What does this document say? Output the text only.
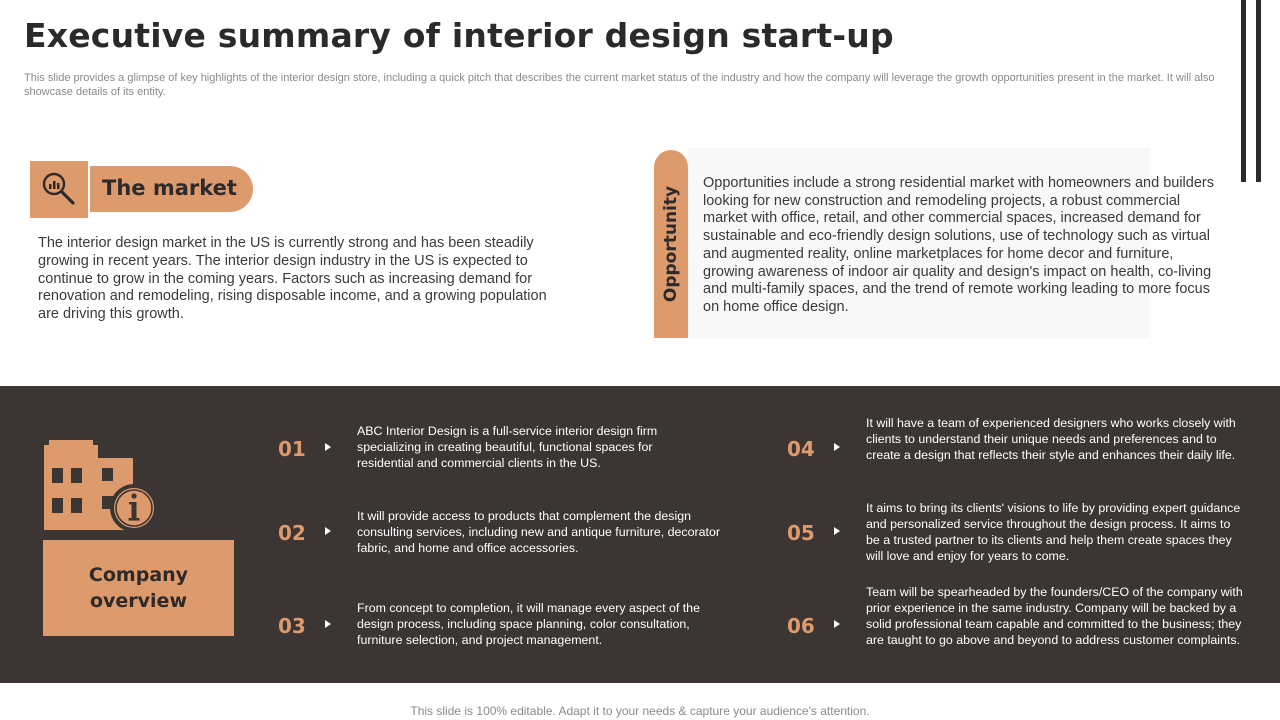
Executive summary of interior design start-up
This slide provides a glimpse of key highlights of the interior design store, including a quick pitch that describes the current market status of the industry and how the company will leverage the growth opportunities present in the market. It will also showcase details of its entity.
The market
The interior design market in the US is currently strong and has been steadily growing in recent years. The interior design industry in the US is expected to continue to grow in the coming years. Factors such as increasing demand for renovation and remodeling, rising disposable income, and a growing population are driving this growth.
Opportunity
Opportunities include a strong residential market with homeowners and builders looking for new construction and remodeling projects, a robust commercial market with office, retail, and other commercial spaces, increased demand for sustainable and eco-friendly design solutions, use of technology such as virtual and augmented reality, online marketplaces for home decor and furniture, growing awareness of indoor air quality and design's impact on health, co-living and multi-family spaces, and the trend of remote working leading to more focus on home office design.
Company overview
01
ABC Interior Design is a full-service interior design firm specializing in creating beautiful, functional spaces for residential and commercial clients in the US.
02
It will provide access to products that complement the design consulting services, including new and antique furniture, decorator fabric, and home and office accessories.
03
From concept to completion, it will manage every aspect of the design process, including space planning, color consultation, furniture selection, and project management.
04
It will have a team of experienced designers who works closely with clients to understand their unique needs and preferences and to create a design that reflects their style and enhances their daily life.
05
It aims to bring its clients' visions to life by providing expert guidance and personalized service throughout the design process. It aims to be a trusted partner to its clients and help them create spaces they will love and enjoy for years to come.
06
Team will be spearheaded by the founders/CEO of the company with prior experience in the same industry. Company will be backed by a solid professional team capable and committed to the business; they are taught to go above and beyond to address customer complaints.
This slide is 100% editable. Adapt it to your needs & capture your audience's attention.
